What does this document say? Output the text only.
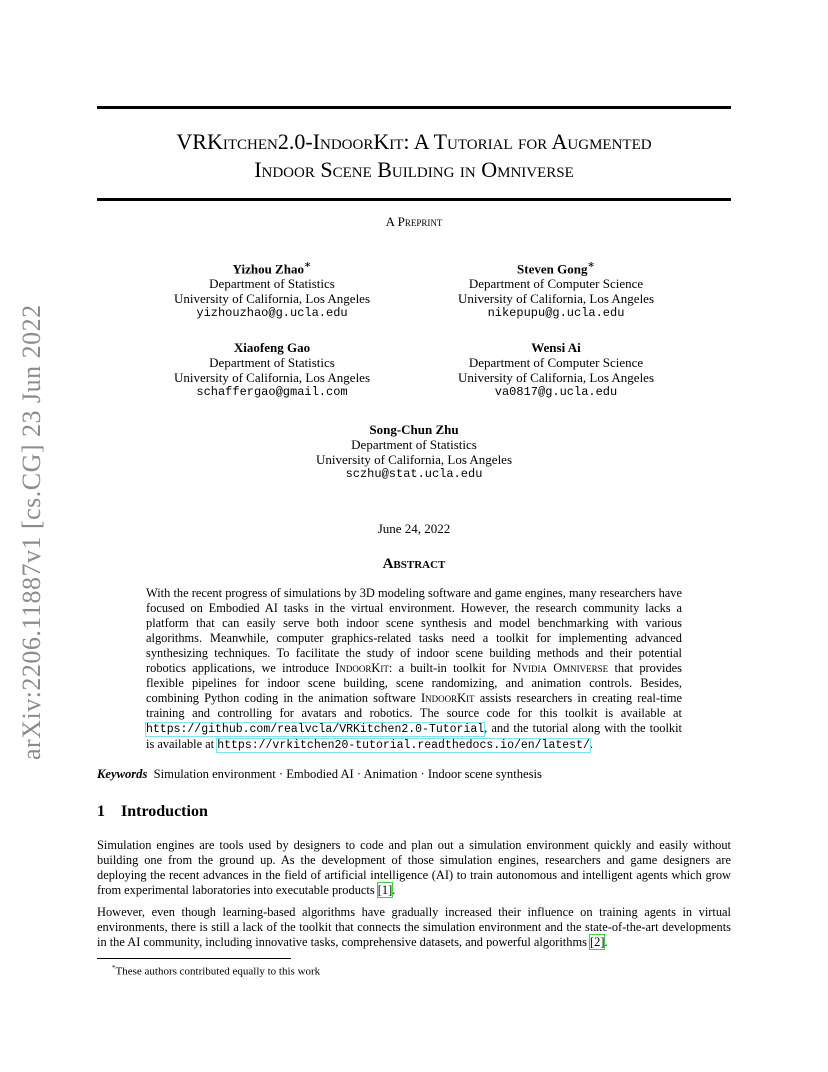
arXiv:2206.11887v1 [cs.CG] 23 Jun 2022
VRKitchen2.0-IndoorKit: A Tutorial for Augmented
Indoor Scene Building in Omniverse
A Preprint
Yizhou Zhao∗
Department of Statistics
University of California, Los Angeles
yizhouzhao@g.ucla.edu
Steven Gong∗
Department of Computer Science
University of California, Los Angeles
nikepupu@g.ucla.edu
Xiaofeng Gao
Department of Statistics
University of California, Los Angeles
schaffergao@gmail.com
Wensi Ai
Department of Computer Science
University of California, Los Angeles
va0817@g.ucla.edu
Song-Chun Zhu
Department of Statistics
University of California, Los Angeles
sczhu@stat.ucla.edu
June 24, 2022
Abstract
With the recent progress of simulations by 3D modeling software and game engines, many researchers have focused on Embodied AI tasks in the virtual environment. However, the research community lacks a platform that can easily serve both indoor scene synthesis and model benchmarking with various algorithms. Meanwhile, computer graphics-related tasks need a toolkit for implementing advanced synthesizing techniques. To facilitate the study of indoor scene building methods and their potential robotics applications, we introduce IndoorKit: a built-in toolkit for Nvidia Omniverse that provides flexible pipelines for indoor scene building, scene randomizing, and animation controls. Besides, combining Python coding in the animation software IndoorKit assists researchers in creating real-time training and controlling for avatars and robotics. The source code for this toolkit is available at https://github.com/realvcla/VRKitchen2.0-Tutorial, and the tutorial along with the toolkit is available at https://vrkitchen20-tutorial.readthedocs.io/en/latest/.
Keywords Simulation environment · Embodied AI · Animation · Indoor scene synthesis
1 Introduction
Simulation engines are tools used by designers to code and plan out a simulation environment quickly and easily without building one from the ground up. As the development of those simulation engines, researchers and game designers are deploying the recent advances in the field of artificial intelligence (AI) to train autonomous and intelligent agents which grow from experimental laboratories into executable products [1].
However, even though learning-based algorithms have gradually increased their influence on training agents in virtual environments, there is still a lack of the toolkit that connects the simulation environment and the state-of-the-art developments in the AI community, including innovative tasks, comprehensive datasets, and powerful algorithms [2].
*These authors contributed equally to this work
